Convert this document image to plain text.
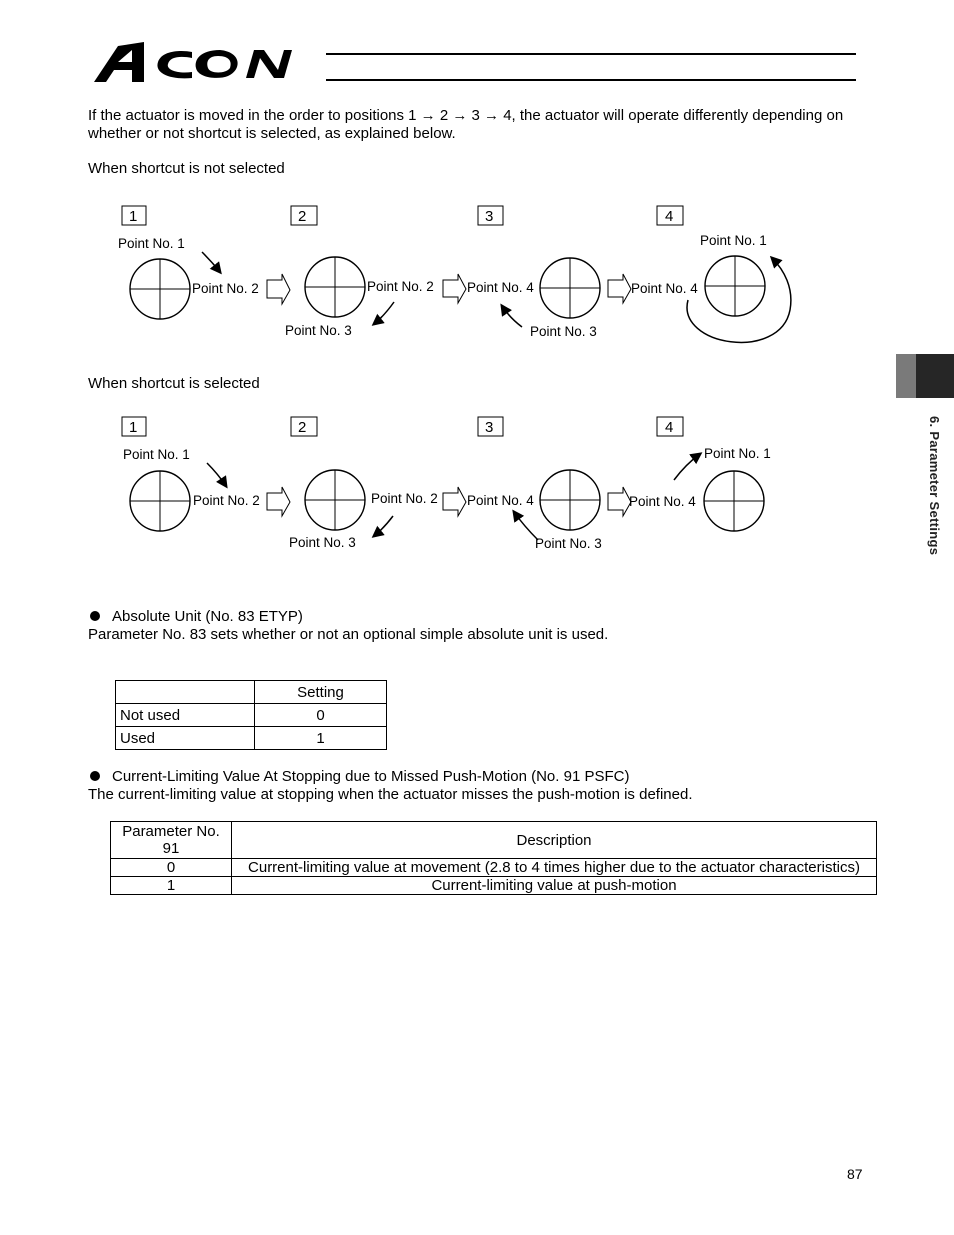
ACON
If the actuator is moved in the order to positions 1 → 2 → 3 → 4, the actuator will operate differently depending on whether or not shortcut is selected, as explained below.
When shortcut is not selected
1	2	3	4
Point No. 1
Point No. 2	Point No. 2
Point No. 3
Point No. 4
Point No. 3
Point No. 4
Point No. 1
When shortcut is selected
1	2	3	4
Point No. 1
Point No. 2	Point No. 2
Point No. 3
Point No. 4
Point No. 3
Point No. 4
Point No. 1
Absolute Unit (No. 83 ETYP)
Parameter No. 83 sets whether or not an optional simple absolute unit is used.
	Setting
Not used	0
Used	1
Current-Limiting Value At Stopping due to Missed Push-Motion (No. 91 PSFC)
The current-limiting value at stopping when the actuator misses the push-motion is defined.
Parameter No. 91	Description
0	Current-limiting value at movement (2.8 to 4 times higher due to the actuator characteristics)
1	Current-limiting value at push-motion
6. Parameter Settings
87
